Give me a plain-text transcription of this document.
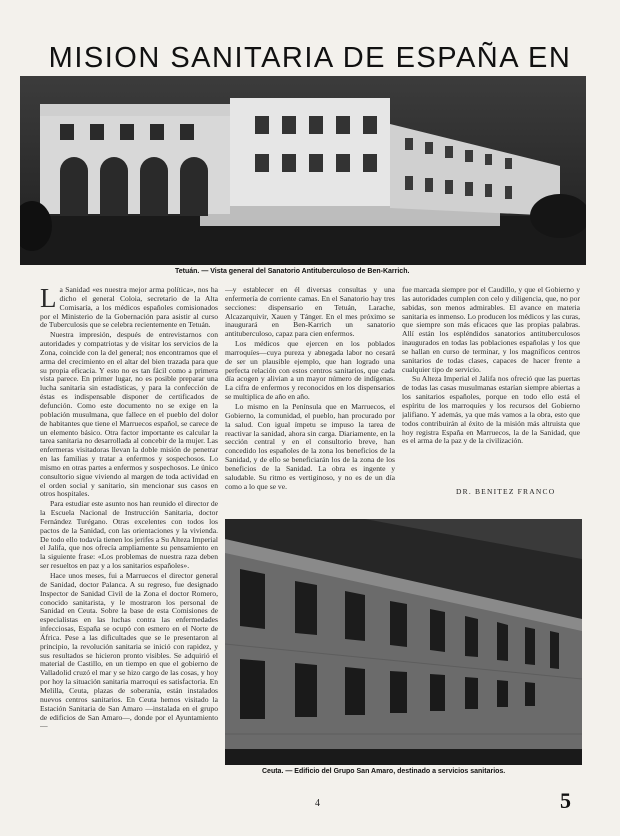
MISION SANITARIA DE ESPAÑA EN
Tetuán. — Vista general del Sanatorio Antituberculoso de Ben-Karrich.
L a Sanidad «es nuestra mejor arma política», nos ha dicho el general Coloia, secretario de la Alta Comisaría, a los médicos españoles comisionados por el Ministerio de la Gobernación para asistir al curso de Tuberculosis que se celebra recientemente en Tetuán.

Nuestra impresión, después de entrevistarnos con autoridades y compatriotas y de visitar los servicios de la Zona, coincide con la del general; nos encontramos que el arma del crecimiento en el altar del bien trazada para que su propia eficacia. Y esto no es tan fácil como a primera vista parece. En primer lugar, no es posible preparar una lucha sanitaria sin estadísticas, y para la confección de éstas es indispensable disponer de certificados de defunción. Como este documento no se exige en la población musulmana, que fallece en el pueblo del dolor de habitantes que tiene el Marruecos español, se carece de un elemento básico. Otra factor importante es calcular la tarea sanitaria no desarrollada al concebir de la mujer. Las enfermeras visitadoras llevan la doble misión de penetrar en las familias y tratar a enfermos y sospechosos. Lo mismo en otras partes a enfermos y sospechosos. Le único consultorio sigue viviendo al margen de toda actividad en el orden social y sanitario, sin mencionar sus casos en otros hospitales.

Para estudiar este asunto nos han reunido el director de la Escuela Nacional de Instrucción Sanitaria, doctor Fernández Turégano. Otras excelentes con todos los pactos de la Sanidad, con las orientaciones y la vivienda. De todo ello todavía tienen los jerifes a Su Alteza Imperial el Jalifa, que nos ofrecía ampliamente su pensamiento en la siguiente frase: «Los problemas de nuestra raza deben ser resueltos en paz y a los sanitarios españoles».

Hace unos meses, fui a Marruecos el director general de Sanidad, doctor Palanca. A su regreso, fue designado Inspector de Sanidad Civil de la Zona el doctor Romero, conocido sanitarista, y le mostraron los personal de Sanidad en Ceuta. Sobre la base de esta Comisiones de especialistas en las luchas contra las enfermedades infecciosas, España se ocupó con esmero en el Norte de África. Pese a las dificultades que se le presentaron al principio, la revolución sanitaria se inició con rapidez, y sus resultados se hicieron pronto visibles. Se adquirió el material de Castillo, en un tiempo en que el gobierno de Valladolid cruzó el mar y se hizo cargo de las cosas, y hoy por hoy la situación sanitaria marroquí es satisfactoria. En Melilla, Ceuta, plazas de soberanía, están instalados nuevos centros sanitarios. En Ceuta hemos visitado la Estación Sanitaria de San Amaro —instalada en el grupo de edificios de San Amaro—, donde por el Ayuntamiento—

—y establecer en él diversas consultas y una enfermería de corriente camas. En el Sanatorio hay tres secciones: dispensario en Tetuán, Larache, Alcazarquivir, Xauen y Tánger. En el mes próximo se inaugurará en Ben-Karrich un sanatorio antituberculoso, capaz para cien enfermos.

Los médicos que ejercen en los poblados marroquíes—cuya pureza y abnegada labor no cesará de ser un plausible ejemplo, que han logrado una perfecta relación con estos centros sanitarios, que cada día acogen y alivian a un mayor número de indígenas. La cifra de enfermos y reconocidos en los dispensarios se multiplica de año en año.

Lo mismo en la Península que en Marruecos, el Gobierno, la comunidad, el pueblo, han procurado por la salud. Con igual ímpetu se impuso la tarea de reactivar la sanidad, ahora sin carga. Diariamente, en la sección central y en el consultorio breve, han concedido los españoles de la zona los beneficios de la Sanidad, y de ello se beneficiarán los de la zona de los beneficios de la Sanidad. La obra es ingente y saludable. Su ritmo es vertiginoso, y no es de un día como a lo que se ve.

fue marcada siempre por el Caudillo, y que el Gobierno y las autoridades cumplen con celo y diligencia, que, no por sabidas, son menos admirables. El avance en materia sanitaria es inmenso. Lo producen los médicos y las curas, que siempre son más eficaces que las propias palabras. Allí están los espléndidos sanatorios antituberculosos inaugurados en todas las poblaciones españolas y los que se hallan en curso de terminar, y los magníficos centros sanitarios de todas clases, capaces de hacer frente a cualquier tipo de servicio.

Su Alteza Imperial el Jalifa nos ofreció que las puertas de todas las casas musulmanas estarían siempre abiertas a los sanitarios españoles, porque en todo ello está el espíritu de los marroquíes y los recursos del Gobierno jalifiano. Y además, ya que más vamos a la obra, esto que todos contribuirán al éxito de la misión más altruista que hoy registra España en Marruecos, la de la Sanidad, que es el arma de la paz y de la civilización.

DR. BENITEZ FRANCO
Ceuta. — Edificio del Grupo San Amaro, destinado a servicios sanitarios.
4	5
